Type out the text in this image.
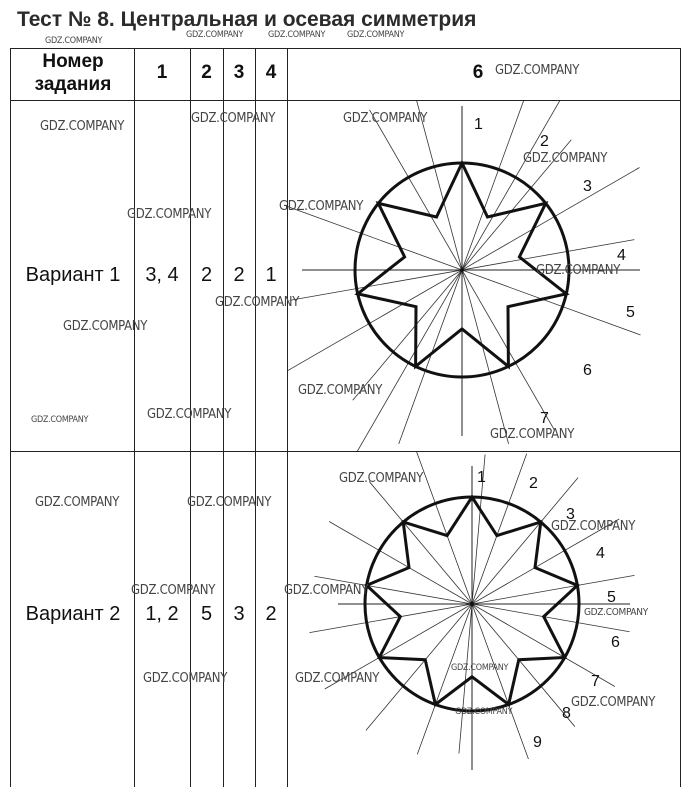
Тест № 8. Центральная и осевая симметрия
GDZ.COMPANY
GDZ.COMPANY	GDZ.COMPANY GDZ.COMPANY
Номер
задания
1	2	3	4	6 GDZ.COMPANY
Вариант 1	3, 4	2	2	1
Вариант 2	1, 2	5	3	2
1
2
3
4
5
6
7
1	2
3
4
5
6
7
8
9
GDZ.COMPANY
GDZ.COMPANY	GDZ.COMPANY
GDZ.COMPANY
GDZ.COMPANY
GDZ.COMPANY
GDZ.COMPANY
GDZ.COMPANY
GDZ.COMPANY
GDZ.COMPANY
GDZ.COMPANY
GDZ.COMPANY
GDZ.COMPANY
GDZ.COMPANY
GDZ.COMPANY	GDZ.COMPANY
GDZ.COMPANY
GDZ.COMPANY	GDZ.COMPANY
GDZ.COMPANY
GDZ.COMPANY
GDZ.COMPANY	GDZ.COMPANY
GDZ.COMPANY
GDZ.COMPANY
